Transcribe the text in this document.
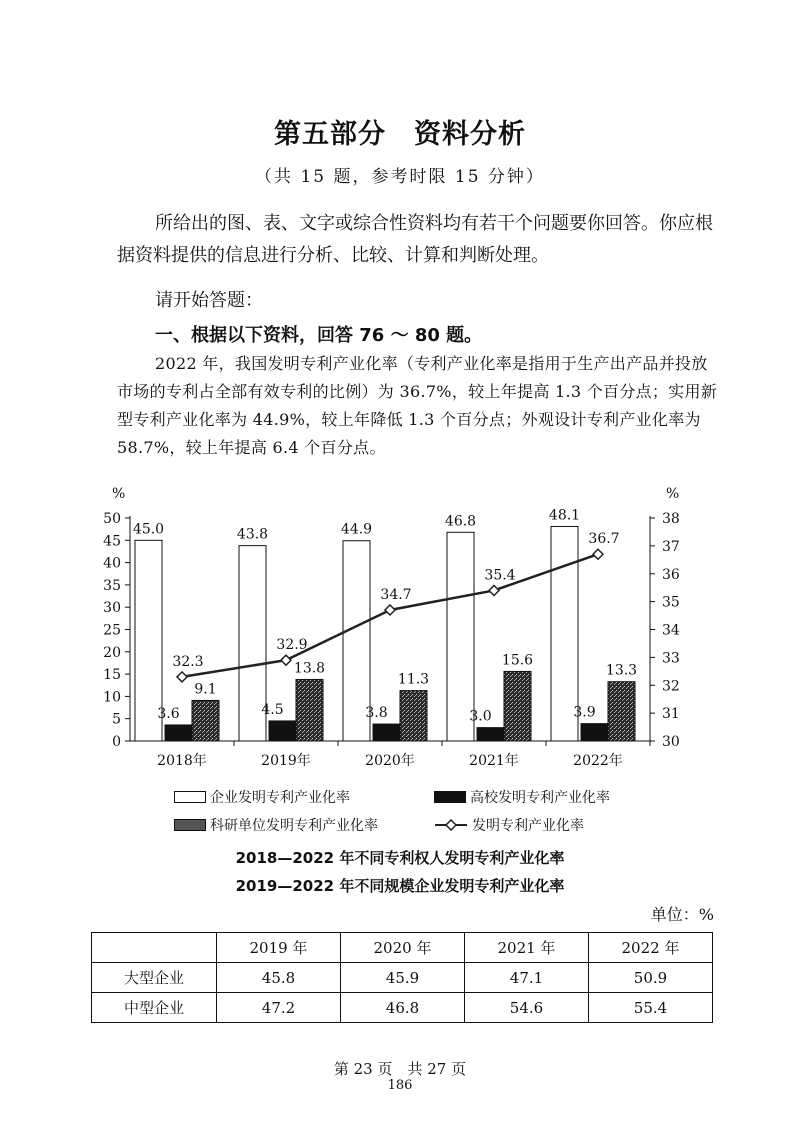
第五部分　资料分析
（共 15 题，参考时限 15 分钟）
所给出的图、表、文字或综合性资料均有若干个问题要你回答。你应根据资料提供的信息进行分析、比较、计算和判断处理。
请开始答题：
一、根据以下资料，回答 76 ～ 80 题。
2022 年，我国发明专利产业化率（专利产业化率是指用于生产出产品并投放市场的专利占全部有效专利的比例）为 36.7%，较上年提高 1.3 个百分点；实用新型专利产业化率为 44.9%，较上年降低 1.3 个百分点；外观设计专利产业化率为 58.7%，较上年提高 6.4 个百分点。
%	%
0
5
10
15
20
25
30
35
40
45
50
30
31
32
33
34
35
36
37
38
2018年
45.0
3.6
9.1
2019年
43.8
4.5
13.8
2020年
44.9
3.8
11.3
2021年
46.8
3.0
15.6
2022年
48.1
3.9
13.3
32.3
32.9
34.7
35.4
36.7
企业发明专利产业化率	高校发明专利产业化率
科研单位发明专利产业化率	发明专利产业化率
2018—2022 年不同专利权人发明专利产业化率
2019—2022 年不同规模企业发明专利产业化率
单位：%
	2019 年	2020 年	2021 年	2022 年
大型企业	45.8	45.9	47.1	50.9
中型企业	47.2	46.8	54.6	55.4
第 23 页　共 27 页
186
